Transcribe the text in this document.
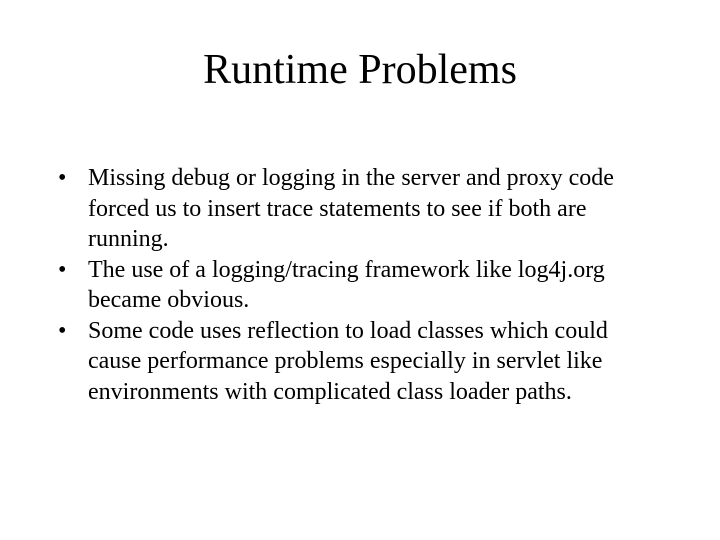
Runtime Problems
• Missing debug or logging in the server and proxy code forced us to insert trace statements to see if both are running.
• The use of a logging/tracing framework like log4j.org became obvious.
• Some code uses reflection to load classes which could cause performance problems especially in servlet like environments with complicated class loader paths.
